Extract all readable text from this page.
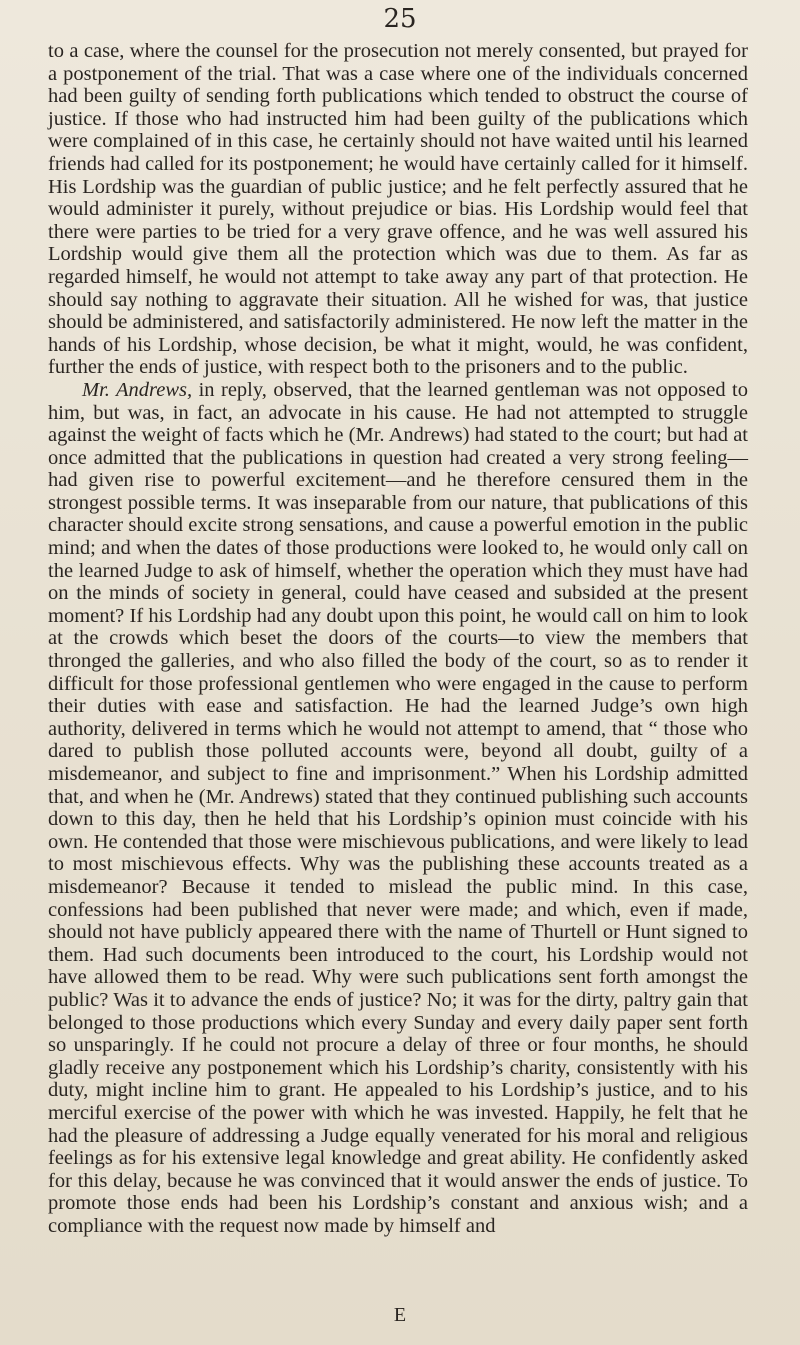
25

to a case, where the counsel for the prosecution not merely consented, but prayed for a postponement of the trial. That was a case where one of the individuals concerned had been guilty of sending forth publications which tended to obstruct the course of justice. If those who had instructed him had been guilty of the publications which were complained of in this case, he certainly should not have waited until his learned friends had called for its postponement; he would have certainly called for it himself. His Lordship was the guardian of public justice; and he felt perfectly assured that he would administer it purely, without prejudice or bias. His Lordship would feel that there were parties to be tried for a very grave offence, and he was well assured his Lordship would give them all the protection which was due to them. As far as regarded himself, he would not attempt to take away any part of that protection. He should say nothing to aggravate their situation. All he wished for was, that justice should be administered, and satisfactorily administered. He now left the matter in the hands of his Lordship, whose decision, be what it might, would, he was confident, further the ends of justice, with respect both to the prisoners and to the public.

Mr. Andrews, in reply, observed, that the learned gentleman was not opposed to him, but was, in fact, an advocate in his cause. He had not attempted to struggle against the weight of facts which he (Mr. Andrews) had stated to the court; but had at once admitted that the publications in question had created a very strong feeling—had given rise to powerful excitement—and he therefore censured them in the strongest possible terms. It was inseparable from our nature, that publications of this character should excite strong sensations, and cause a powerful emotion in the public mind; and when the dates of those productions were looked to, he would only call on the learned Judge to ask of himself, whether the operation which they must have had on the minds of society in general, could have ceased and subsided at the present moment? If his Lordship had any doubt upon this point, he would call on him to look at the crowds which beset the doors of the courts—to view the members that thronged the galleries, and who also filled the body of the court, so as to render it difficult for those professional gentlemen who were engaged in the cause to perform their duties with ease and satisfaction. He had the learned Judge’s own high authority, delivered in terms which he would not attempt to amend, that “ those who dared to publish those polluted accounts were, beyond all doubt, guilty of a misdemeanor, and subject to fine and imprisonment.” When his Lordship admitted that, and when he (Mr. Andrews) stated that they continued publishing such accounts down to this day, then he held that his Lordship’s opinion must coincide with his own. He contended that those were mischievous publications, and were likely to lead to most mischievous effects. Why was the publishing these accounts treated as a misdemeanor? Because it tended to mislead the public mind. In this case, confessions had been published that never were made; and which, even if made, should not have publicly appeared there with the name of Thurtell or Hunt signed to them. Had such documents been introduced to the court, his Lordship would not have allowed them to be read. Why were such publications sent forth amongst the public? Was it to advance the ends of justice? No; it was for the dirty, paltry gain that belonged to those productions which every Sunday and every daily paper sent forth so unsparingly. If he could not procure a delay of three or four months, he should gladly receive any postponement which his Lordship’s charity, consistently with his duty, might incline him to grant. He appealed to his Lordship’s justice, and to his merciful exercise of the power with which he was invested. Happily, he felt that he had the pleasure of addressing a Judge equally venerated for his moral and religious feelings as for his extensive legal knowledge and great ability. He confidently asked for this delay, because he was convinced that it would answer the ends of justice. To promote those ends had been his Lordship’s constant and anxious wish; and a compliance with the request now made by himself and

E
